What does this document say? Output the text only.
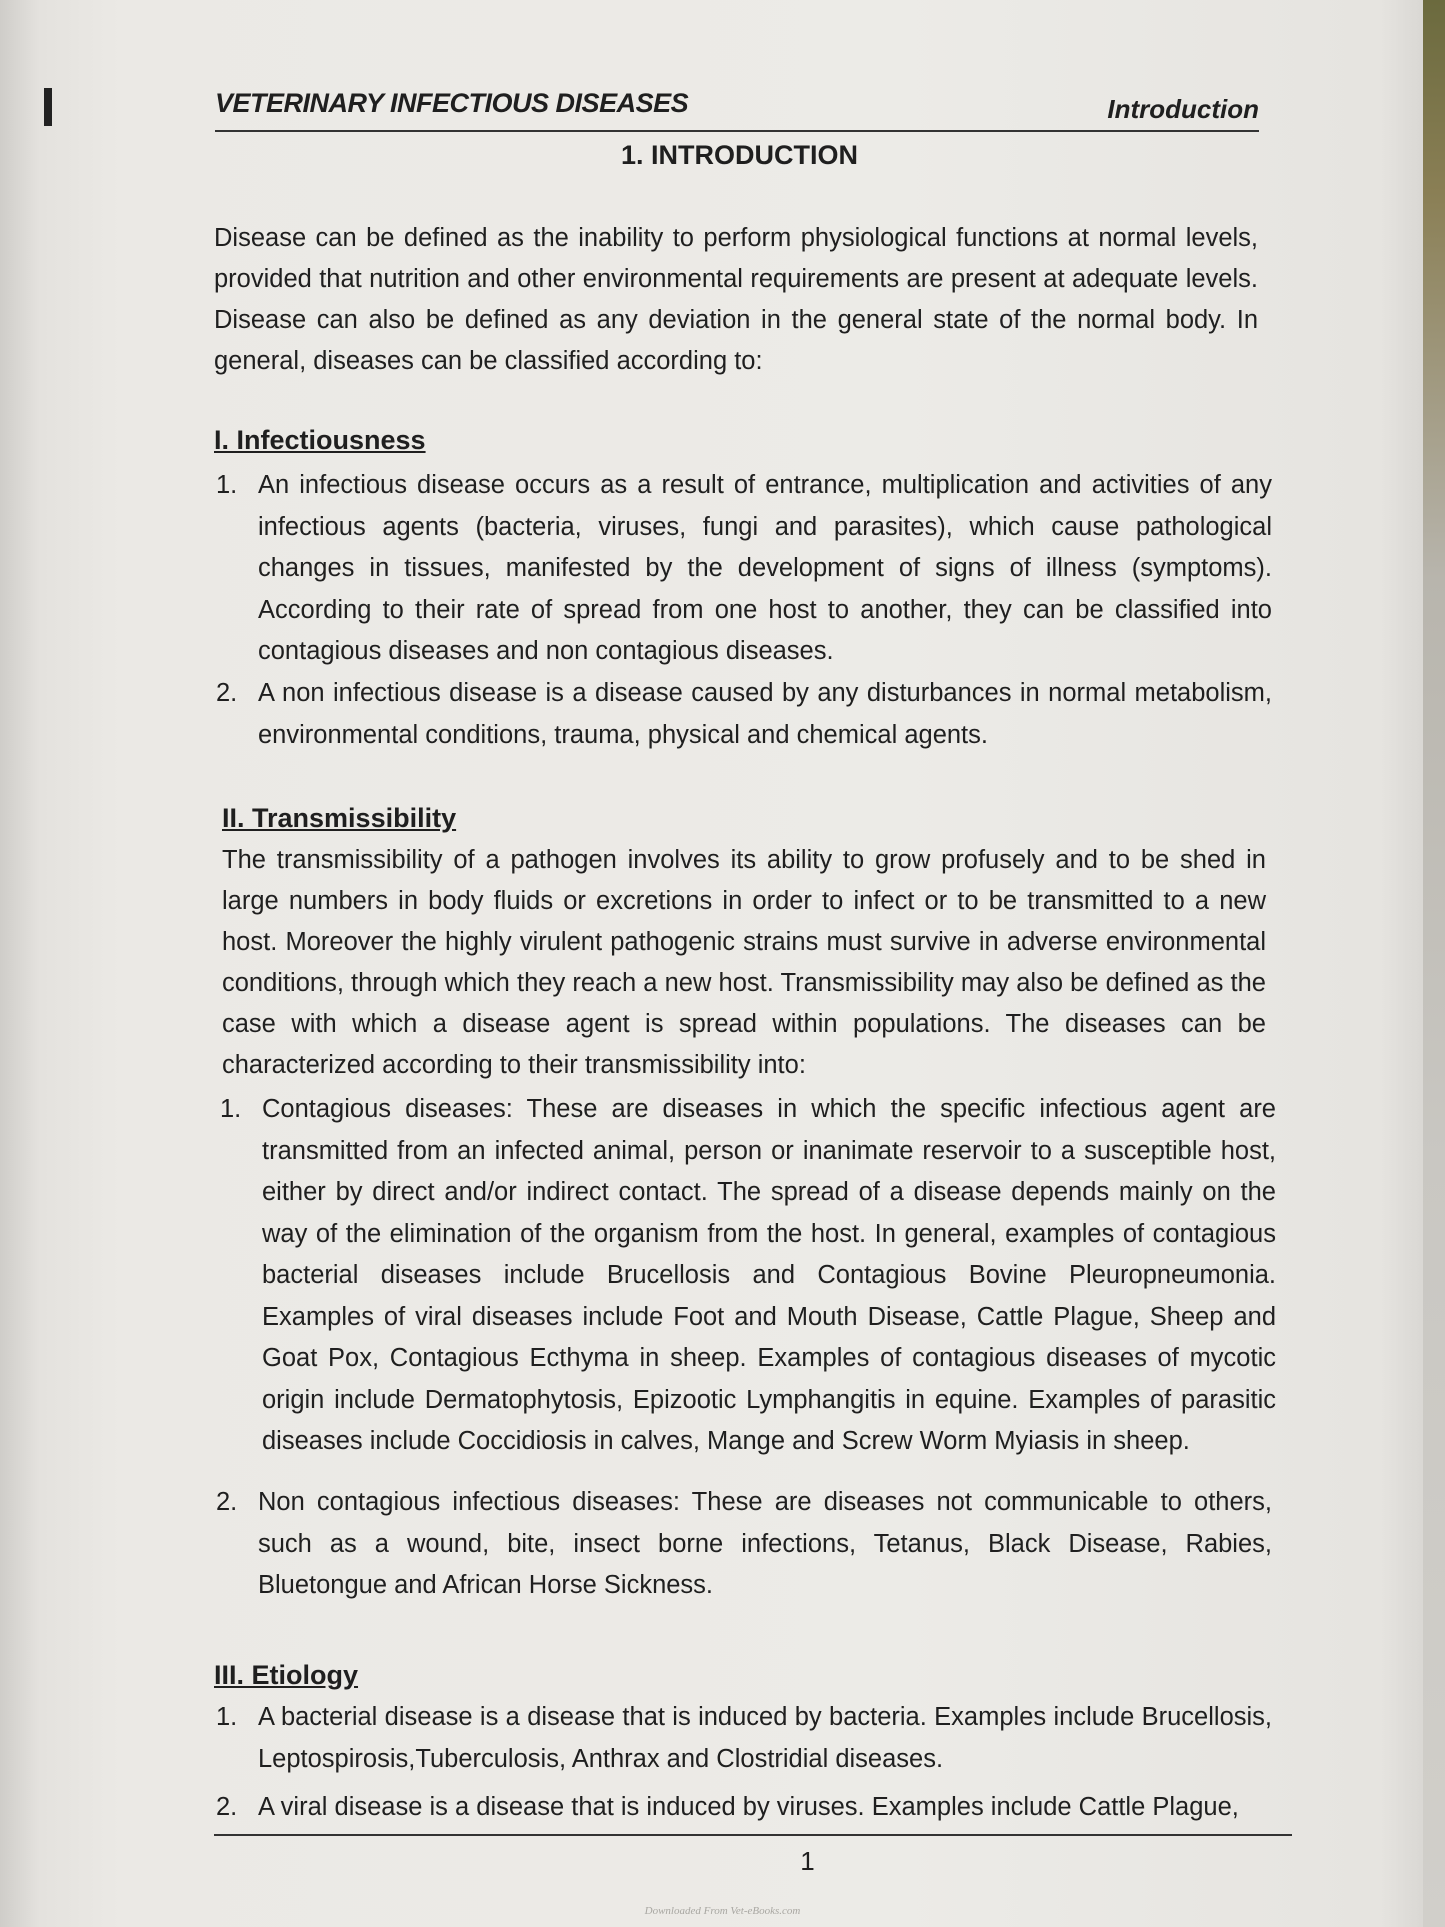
VETERINARY INFECTIOUS DISEASES	Introduction
1. INTRODUCTION
Disease can be defined as the inability to perform physiological functions at normal levels, provided that nutrition and other environmental requirements are present at adequate levels. Disease can also be defined as any deviation in the general state of the normal body. In general, diseases can be classified according to:
I. Infectiousness
1. An infectious disease occurs as a result of entrance, multiplication and activities of any infectious agents (bacteria, viruses, fungi and parasites), which cause pathological changes in tissues, manifested by the development of signs of illness (symptoms). According to their rate of spread from one host to another, they can be classified into contagious diseases and non contagious diseases.
2. A non infectious disease is a disease caused by any disturbances in normal metabolism, environmental conditions, trauma, physical and chemical agents.
II. Transmissibility
The transmissibility of a pathogen involves its ability to grow profusely and to be shed in large numbers in body fluids or excretions in order to infect or to be transmitted to a new host. Moreover the highly virulent pathogenic strains must survive in adverse environmental conditions, through which they reach a new host. Transmissibility may also be defined as the case with which a disease agent is spread within populations. The diseases can be characterized according to their transmissibility into:
1. Contagious diseases: These are diseases in which the specific infectious agent are transmitted from an infected animal, person or inanimate reservoir to a susceptible host, either by direct and/or indirect contact. The spread of a disease depends mainly on the way of the elimination of the organism from the host. In general, examples of contagious bacterial diseases include Brucellosis and Contagious Bovine Pleuropneumonia. Examples of viral diseases include Foot and Mouth Disease, Cattle Plague, Sheep and Goat Pox, Contagious Ecthyma in sheep. Examples of contagious diseases of mycotic origin include Dermatophytosis, Epizootic Lymphangitis in equine. Examples of parasitic diseases include Coccidiosis in calves, Mange and Screw Worm Myiasis in sheep.
2. Non contagious infectious diseases: These are diseases not communicable to others, such as a wound, bite, insect borne infections, Tetanus, Black Disease, Rabies, Bluetongue and African Horse Sickness.
III. Etiology
1. A bacterial disease is a disease that is induced by bacteria. Examples include Brucellosis, Leptospirosis,Tuberculosis, Anthrax and Clostridial diseases.
2. A viral disease is a disease that is induced by viruses. Examples include Cattle Plague,
1
Downloaded From Vet-eBooks.com
